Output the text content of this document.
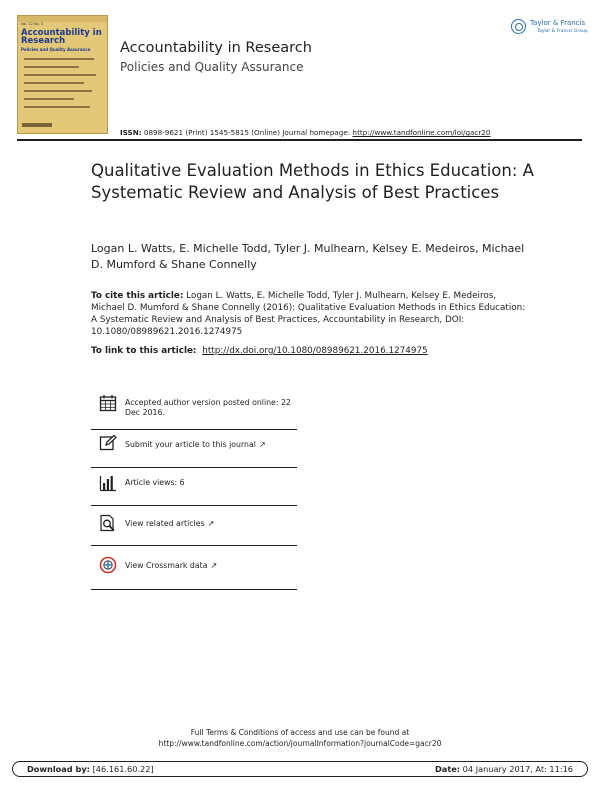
Vol. 12 No. 3
Accountability in Research
Policies and Quality Assurance Accountability in Research
Policies and Quality Assurance
Taylor & Francis
Taylor & Francis Group
ISSN: 0898-9621 (Print) 1545-5815 (Online) Journal homepage: http://www.tandfonline.com/loi/gacr20
Qualitative Evaluation Methods in Ethics Education: A Systematic Review and Analysis of Best Practices
Logan L. Watts, E. Michelle Todd, Tyler J. Mulhearn, Kelsey E. Medeiros, Michael D. Mumford & Shane Connelly
To cite this article: Logan L. Watts, E. Michelle Todd, Tyler J. Mulhearn, Kelsey E. Medeiros, Michael D. Mumford & Shane Connelly (2016): Qualitative Evaluation Methods in Ethics Education: A Systematic Review and Analysis of Best Practices, Accountability in Research, DOI: 10.1080/08989621.2016.1274975
To link to this article: http://dx.doi.org/10.1080/08989621.2016.1274975
Accepted author version posted online: 22 Dec 2016.
Submit your article to this journal ↗
Article views: 6
View related articles ↗
View Crossmark data ↗
Full Terms & Conditions of access and use can be found at
http://www.tandfonline.com/action/journalInformation?journalCode=gacr20
Download by: [46.161.60.22]	Date: 04 January 2017, At: 11:16
